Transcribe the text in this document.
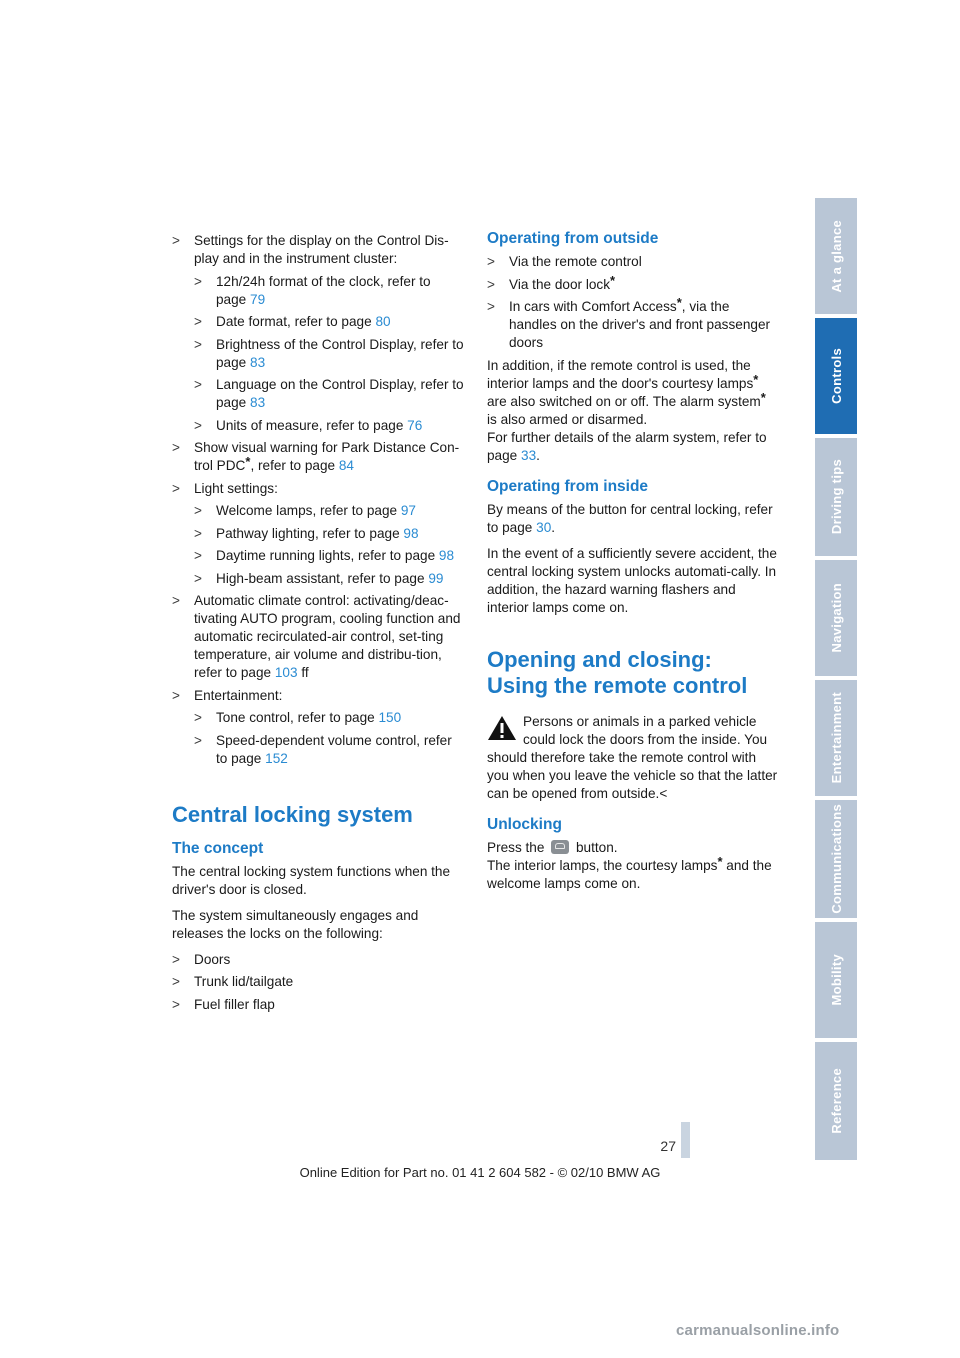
> Settings for the display on the Control Dis-play and in the instrument cluster:
> 12h/24h format of the clock, refer to page 79
> Date format, refer to page 80
> Brightness of the Control Display, refer to page 83
> Language on the Control Display, refer to page 83
> Units of measure, refer to page 76
> Show visual warning for Park Distance Con-trol PDC*, refer to page 84
> Light settings:
> Welcome lamps, refer to page 97
> Pathway lighting, refer to page 98
> Daytime running lights, refer to page 98
> High-beam assistant, refer to page 99
> Automatic climate control: activating/deac-tivating AUTO program, cooling function and automatic recirculated-air control, set-ting temperature, air volume and distribu-tion, refer to page 103 ff
> Entertainment:
> Tone control, refer to page 150
> Speed-dependent volume control, refer to page 152
Central locking system
The concept

The central locking system functions when the driver's door is closed.

The system simultaneously engages and releases the locks on the following:

> Doors
> Trunk lid/tailgate
> Fuel filler flap
Operating from outside
> Via the remote control
> Via the door lock*
> In cars with Comfort Access*, via the handles on the driver's and front passenger doors

In addition, if the remote control is used, the interior lamps and the door's courtesy lamps* are also switched on or off. The alarm system* is also armed or disarmed.
For further details of the alarm system, refer to page 33.

Operating from inside

By means of the button for central locking, refer to page 30.

In the event of a sufficiently severe accident, the central locking system unlocks automati-cally. In addition, the hazard warning flashers and interior lamps come on.

Opening and closing:
Using the remote control

Persons or animals in a parked vehicle could lock the doors from the inside. You
should therefore take the remote control with you when you leave the vehicle so that the latter can be opened from outside.<

Unlocking

Press the  button.
The interior lamps, the courtesy lamps* and the welcome lamps come on.

At a glance
Controls
Driving tips
Navigation
Entertainment
Communications
Mobility
Reference
27
Online Edition for Part no. 01 41 2 604 582 - © 02/10 BMW AG
carmanualsonline.info
